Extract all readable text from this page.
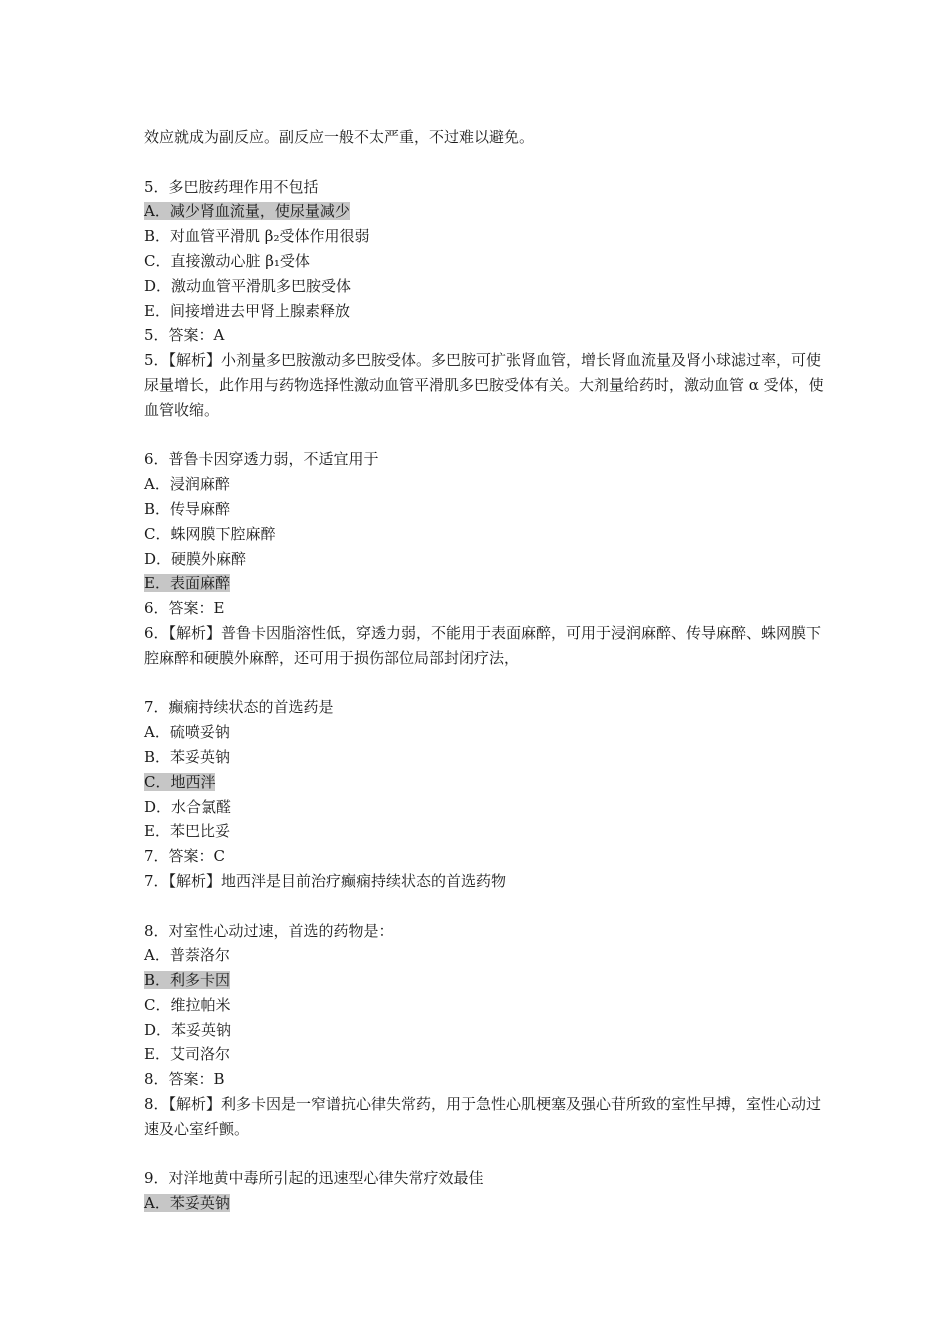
效应就成为副反应。副反应一般不太严重，不过难以避免。
5．多巴胺药理作用不包括
A．减少肾血流量，使尿量减少
B．对血管平滑肌 β₂受体作用很弱
C．直接激动心脏 β₁受体
D．激动血管平滑肌多巴胺受体
E．间接增进去甲肾上腺素释放
5．答案：A
5．【解析】小剂量多巴胺激动多巴胺受体。多巴胺可扩张肾血管，增长肾血流量及肾小球滤过率，可使尿量增长，此作用与药物选择性激动血管平滑肌多巴胺受体有关。大剂量给药时，激动血管 α 受体，使血管收缩。
6．普鲁卡因穿透力弱，不适宜用于
A．浸润麻醉
B．传导麻醉
C．蛛网膜下腔麻醉
D．硬膜外麻醉
E．表面麻醉
6．答案：E
6．【解析】普鲁卡因脂溶性低，穿透力弱，不能用于表面麻醉，可用于浸润麻醉、传导麻醉、蛛网膜下腔麻醉和硬膜外麻醉，还可用于损伤部位局部封闭疗法，
7．癫痫持续状态的首选药是
A．硫喷妥钠
B．苯妥英钠
C．地西泮
D．水合氯醛
E．苯巴比妥
7．答案：C
7．【解析】地西泮是目前治疗癫痫持续状态的首选药物
8．对室性心动过速，首选的药物是：
A．普萘洛尔
B．利多卡因
C．维拉帕米
D．苯妥英钠
E．艾司洛尔
8．答案：B
8．【解析】利多卡因是一窄谱抗心律失常药，用于急性心肌梗塞及强心苷所致的室性早搏，室性心动过速及心室纤颤。
9．对洋地黄中毒所引起的迅速型心律失常疗效最佳
A．苯妥英钠
